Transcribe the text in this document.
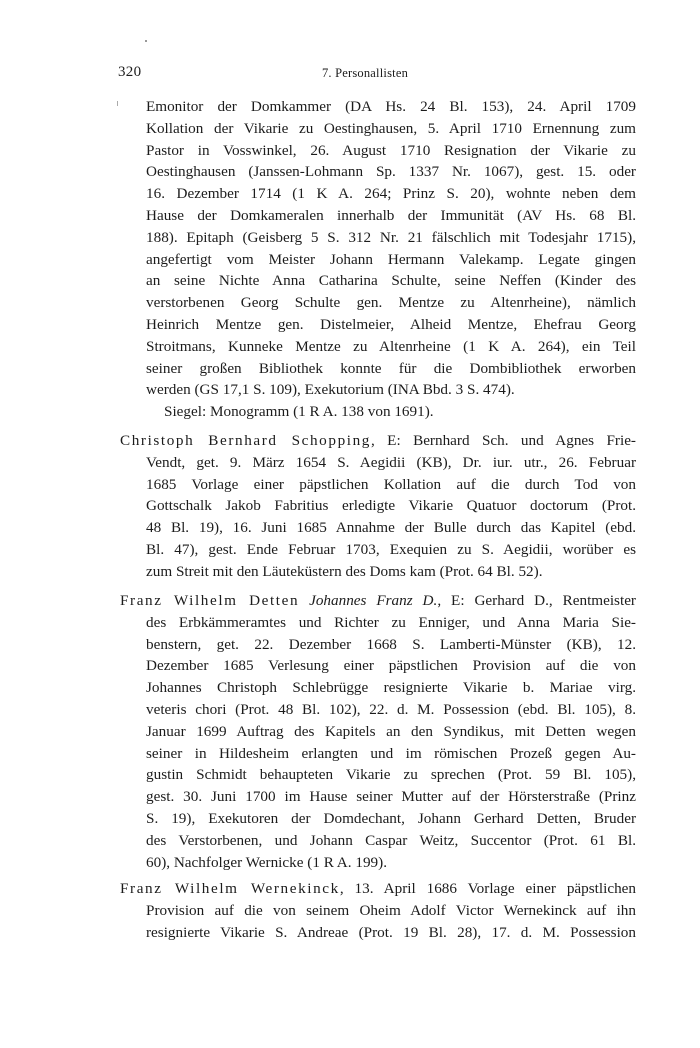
320	7. Personallisten
Emonitor der Domkammer (DA Hs. 24 Bl. 153), 24. April 1709
Kollation der Vikarie zu Oestinghausen, 5. April 1710 Ernennung zum
Pastor in Vosswinkel, 26. August 1710 Resignation der Vikarie zu
Oestinghausen (Janssen-Lohmann Sp. 1337 Nr. 1067), gest. 15. oder
16. Dezember 1714 (1 K A. 264; Prinz S. 20), wohnte neben dem
Hause der Domkameralen innerhalb der Immunität (AV Hs. 68 Bl.
188). Epitaph (Geisberg 5 S. 312 Nr. 21 fälschlich mit Todesjahr 1715),
angefertigt vom Meister Johann Hermann Valekamp. Legate gingen
an seine Nichte Anna Catharina Schulte, seine Neffen (Kinder des
verstorbenen Georg Schulte gen. Mentze zu Altenrheine), nämlich
Heinrich Mentze gen. Distelmeier, Alheid Mentze, Ehefrau Georg
Stroitmans, Kunneke Mentze zu Altenrheine (1 K A. 264), ein Teil
seiner großen Bibliothek konnte für die Dombibliothek erworben
werden (GS 17,1 S. 109), Exekutorium (INA Bbd. 3 S. 474).
Siegel: Monogramm (1 R A. 138 von 1691).
Christoph Bernhard Schopping, E: Bernhard Sch. und Agnes Frie-
Vendt, get. 9. März 1654 S. Aegidii (KB), Dr. iur. utr., 26. Februar
1685 Vorlage einer päpstlichen Kollation auf die durch Tod von
Gottschalk Jakob Fabritius erledigte Vikarie Quatuor doctorum (Prot.
48 Bl. 19), 16. Juni 1685 Annahme der Bulle durch das Kapitel (ebd.
Bl. 47), gest. Ende Februar 1703, Exequien zu S. Aegidii, worüber es
zum Streit mit den Läuteküstern des Doms kam (Prot. 64 Bl. 52).
Franz Wilhelm Detten Johannes Franz D., E: Gerhard D., Rentmeister
des Erbkämmeramtes und Richter zu Enniger, und Anna Maria Sie-
benstern, get. 22. Dezember 1668 S. Lamberti-Münster (KB), 12.
Dezember 1685 Verlesung einer päpstlichen Provision auf die von
Johannes Christoph Schlebrügge resignierte Vikarie b. Mariae virg.
veteris chori (Prot. 48 Bl. 102), 22. d. M. Possession (ebd. Bl. 105), 8.
Januar 1699 Auftrag des Kapitels an den Syndikus, mit Detten wegen
seiner in Hildesheim erlangten und im römischen Prozeß gegen Au-
gustin Schmidt behaupteten Vikarie zu sprechen (Prot. 59 Bl. 105),
gest. 30. Juni 1700 im Hause seiner Mutter auf der Hörsterstraße (Prinz
S. 19), Exekutoren der Domdechant, Johann Gerhard Detten, Bruder
des Verstorbenen, und Johann Caspar Weitz, Succentor (Prot. 61 Bl.
60), Nachfolger Wernicke (1 R A. 199).
Franz Wilhelm Wernekinck, 13. April 1686 Vorlage einer päpstlichen
Provision auf die von seinem Oheim Adolf Victor Wernekinck auf ihn
resignierte Vikarie S. Andreae (Prot. 19 Bl. 28), 17. d. M. Possession
